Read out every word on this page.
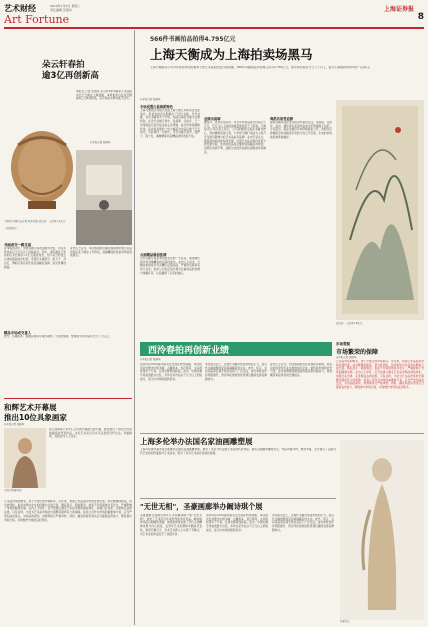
艺术财经
Art Fortune
2010年7月6日 星期二
责任编辑 张国华	上海证券报
8
朵云轩春拍
逾3亿再创新高
本报讯 记者 张国华 朵云轩2010春季艺术品拍卖会于日前在上海落槌，本场拍卖以总成交额逾3亿元再创新高，各专场成交率均高于往年。
◎本报记者 张国华
王原祁 仿董巨山水图 纸本设色 成交价：人民币1.1亿元
（资料图片）
书画成交一路走高
在本场拍卖中，中国书画专场表现最为出色，共有多件作品以千万元以上价格成交。其中，清代画家王原祁的山水巨制以1.1亿元高价成交，创下朵云轩成立以来的最高成交纪录。近现代书画部分，张大千、齐白石、傅抱石等名家作品受到藏家追捧，成交价屡创新高。
业内人士认为，本次春拍的火爆表现说明中国艺术品市场正处于稳步上升阶段，高端精品依然是市场追逐的焦点。
精品专场成交喜人
此外，古籍善本、瓷器杂项等专场也取得了不俗的成绩，整体成交率达到百分之八十以上。
和辉艺术开幕展
推出10位具象画家
◎本报记者 张国华
左图为参展作品
由上海和辉艺术中心主办的开幕展日前开幕，展览推出了10位当代具象画家的代表作品，这些艺术家以写实手法表现当代生活，风格鲜明，受到业内人士关注。
艺术品市场的繁荣，离不开规范的市场秩序。近年来，我国艺术品拍卖市场发展迅速，成交额屡创新高，但与此同时，拍卖市场中存在的问题也日益凸显。赝品充斥、假拍假卖、拍而不付等现象时有发生，严重影响了市场的健康发展。业内人士呼吁，应尽快建立健全艺术品市场的诚信体系，加强行业自律，完善相关法律法规，只有这样，才能为艺术品市场的长期繁荣提供有力的保障。拍卖公司作为市场的重要参与者，应当严把拍品质量关，对拍品的真伪、来源等进行严格审核；同时，藏家和投资者也应当提高鉴赏能力，理性参与市场交易，共同维护市场的良好秩序。
566件书画拍品拍得4.795亿元
上海天衡成为上海拍卖场黑马
上海天衡拍卖公司今年首次举办的春季大型艺术品拍卖会日前落槌，566件书画拍品共拍得人民币4.795亿元，成交率达到百分之八十以上，成为上海春拍市场中的一匹黑马。
◎本报记者 张国华
专场设置凸显海派特色
上海天衡拍卖有限公司由上海天衡艺术研究会发起创办，其首次拍卖会即推出了近代书画、当代书画、古代书画等多个专场，拍品以海派书画为主要特色。在近代书画专场中，吴昌硕、任伯年、王一亭等海派名家作品受到买家青睐，成交价频频刷新纪录。其中吴昌硕的一件大幅花卉作品以数千万元成交，引起场内一片掌声。当代书画专场中，陆俨少、程十发、谢稚柳等名家精品同样表现不俗。
古画精品屡创佳绩
古代书画专场是本次拍卖会的一大亮点。明清两代的多件书画精品均以高价成交。业内人士指出，天衡首拍的成功与其精心征集拍品、严格把关真伪有很大关系。拍卖公司在征集过程中注重拍品的来源与递藏有序，从而赢得了买家的信任。
业绩出高调
据统计，在本次拍卖中，共有多件拍品成交价超过千万元，百万元以上的拍品数量更是创下了新高。天衡拍卖公司负责人表示，公司将继续以海派书画为核心，同时兼顾其他门类，力争把天衡打造成为上海乃至全国有影响力的艺术品拍卖品牌。业内专家认为，随着国内经济的持续发展，中国艺术品市场仍有很大的发展空间，优质的拍品将会继续受到藏家的欢迎，而那些来源不明、品相欠佳的作品则将逐渐被市场淘汰。
海派名家受追捧
海派书画作品在本次拍卖中备受关注，吴昌硕、任伯年、虚谷、蒲华等名家的作品成交价普遍高于估价。专家指出，海派书画近年来价格稳步上升，但相比京津画派及岭南画派仍有较大的上升空间，未来的市场前景被普遍看好。
成交价：人民币1.8亿元
市场观察
市场繁荣的保障
◎本报记者 张国华
艺术品市场的繁荣，离不开规范的市场秩序。近年来，我国艺术品拍卖市场发展迅速，成交额屡创新高，但与此同时，拍卖市场中存在的问题也日益凸显。赝品充斥、假拍假卖、拍而不付等现象时有发生，严重影响了市场的健康发展。业内人士呼吁，应尽快建立健全艺术品市场的诚信体系，加强行业自律，完善相关法律法规，只有这样，才能为艺术品市场的长期繁荣提供有力的保障。拍卖公司作为市场的重要参与者，应当严把拍品质量关，对拍品的真伪、来源等进行严格审核；同时，藏家和投资者也应当提高鉴赏能力，理性参与市场交易，共同维护市场的良好秩序。
西泠春拍再创新业绩
◎本报记者 张国华
西泠印社2010春季拍卖会日前在杭州落槌，本次拍卖会共推出中国书画、古籍善本、金石篆刻、文房清玩等多个专场，总成交额再创新高。其中，中国书画专场表现最为出色，多件名家作品以千万元以上价格成交，显示出市场的强劲需求。
本次拍卖会上，近现代书画仍然是市场的主力，而古代书画则继续受到高端藏家的关注。此外，印章、文房用品等杂项专场也受到了广泛关注，成交率较往年有明显提升，西泠印社的传统优势项目继续发挥品牌影响力。
业内人士认为，西泠春拍的优异表现再次说明，具有良好信誉和专业水准的拍卖企业，始终是市场的中坚力量，在市场调整时期更能体现其抗风险能力，得到藏家和投资者的长期信任。
上海多伦举办法国名家油画雕塑展
上海多伦现代美术馆日前推出法国名家油画雕塑展，展出了多位当代法国艺术家的代表作品。展览以油画和雕塑为主，作品风格多样，题材丰富，充分展示了法国当代艺术的创作面貌与艺术追求，吸引了众多艺术爱好者前往参观。
参展作品
"无世无相"，圣豪画廊举办阚诗琪个展
圣豪画廊日前推出青年艺术家阚诗琪个展"无世无相"，展出了艺术家近年来创作的多件作品。阚诗琪的作品以细腻的笔触、独特的视角表现了当代人的精神世界与内心感受，在青年艺术家群体中颇具代表性。展览开幕当天，众多艺术界人士出席了开幕式，对艺术家的作品给予了高度评价。
西泠印社2010春季拍卖会日前在杭州落槌，本次拍卖会共推出中国书画、古籍善本、金石篆刻、文房清玩等多个专场，总成交额再创新高。其中，中国书画专场表现最为出色，多件名家作品以千万元以上价格成交，显示出市场的强劲需求。
本次拍卖会上，近现代书画仍然是市场的主力，而古代书画则继续受到高端藏家的关注。此外，印章、文房用品等杂项专场也受到了广泛关注，成交率较往年有明显提升，西泠印社的传统优势项目继续发挥品牌影响力。
